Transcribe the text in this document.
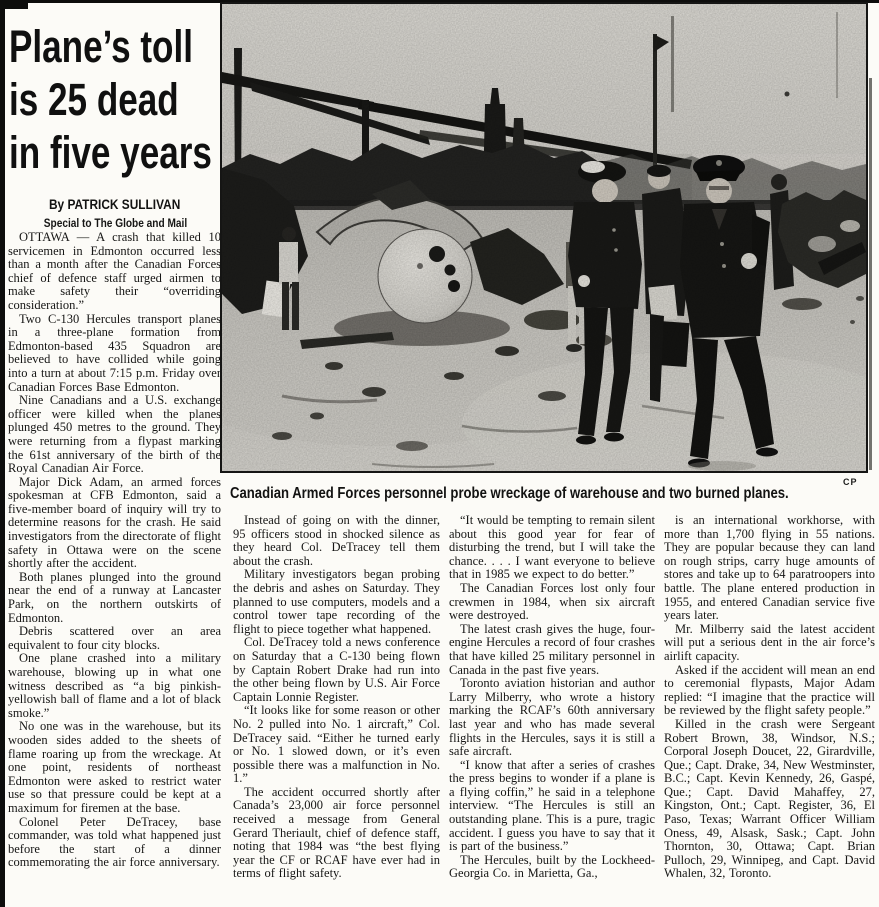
Plane’s toll
is 25 dead
in five years
By PATRICK SULLIVAN
Special to The Globe and Mail
CP
Canadian Armed Forces personnel probe wreckage of warehouse and two burned planes.

OTTAWA — A crash that killed 10 servicemen in Edmonton occurred less than a month after the Canadian Forces chief of defence staff urged airmen to make safety their “overriding consideration.”

Two C-130 Hercules transport planes in a three-plane formation from Edmonton-based 435 Squadron are believed to have collided while going into a turn at about 7:15 p.m. Friday over Canadian Forces Base Edmonton.

Nine Canadians and a U.S. exchange officer were killed when the planes plunged 450 metres to the ground. They were returning from a flypast marking the 61st anniversary of the birth of the Royal Canadian Air Force.

Major Dick Adam, an armed forces spokesman at CFB Edmonton, said a five-member board of inquiry will try to determine reasons for the crash. He said investigators from the directorate of flight safety in Ottawa were on the scene shortly after the accident.

Both planes plunged into the ground near the end of a runway at Lancaster Park, on the northern outskirts of Edmonton.

Debris scattered over an area equivalent to four city blocks.

One plane crashed into a military warehouse, blowing up in what one witness described as “a big pinkish-yellowish ball of flame and a lot of black smoke.”

No one was in the warehouse, but its wooden sides added to the sheets of flame roaring up from the wreckage. At one point, residents of northeast Edmonton were asked to restrict water use so that pressure could be kept at a maximum for firemen at the base.

Colonel Peter DeTracey, base commander, was told what happened just before the start of a dinner commemorating the air force anniversary.

Instead of going on with the dinner, 95 officers stood in shocked silence as they heard Col. DeTracey tell them about the crash.

Military investigators began probing the debris and ashes on Saturday. They planned to use computers, models and a control tower tape recording of the flight to piece together what happened.

Col. DeTracey told a news conference on Saturday that a C-130 being flown by Captain Robert Drake had run into the other being flown by U.S. Air Force Captain Lonnie Register.

“It looks like for some reason or other No. 2 pulled into No. 1 aircraft,” Col. DeTracey said. “Either he turned early or No. 1 slowed down, or it’s even possible there was a malfunction in No. 1.”

The accident occurred shortly after Canada’s 23,000 air force personnel received a message from General Gerard Theriault, chief of defence staff, noting that 1984 was “the best flying year the CF or RCAF have ever had in terms of flight safety.

“It would be tempting to remain silent about this good year for fear of disturbing the trend, but I will take the chance. . . . I want everyone to believe that in 1985 we expect to do better.”

The Canadian Forces lost only four crewmen in 1984, when six aircraft were destroyed.

The latest crash gives the huge, four-engine Hercules a record of four crashes that have killed 25 military personnel in Canada in the past five years.

Toronto aviation historian and author Larry Milberry, who wrote a history marking the RCAF’s 60th anniversary last year and who has made several flights in the Hercules, says it is still a safe aircraft.

“I know that after a series of crashes the press begins to wonder if a plane is a flying coffin,” he said in a telephone interview. “The Hercules is still an outstanding plane. This is a pure, tragic accident. I guess you have to say that it is part of the business.”

The Hercules, built by the Lockheed-Georgia Co. in Marietta, Ga.,

is an international workhorse, with more than 1,700 flying in 55 nations. They are popular because they can land on rough strips, carry huge amounts of stores and take up to 64 paratroopers into battle. The plane entered production in 1955, and entered Canadian service five years later.

Mr. Milberry said the latest accident will put a serious dent in the air force’s airlift capacity.

Asked if the accident will mean an end to ceremonial flypasts, Major Adam replied: “I imagine that the practice will be reviewed by the flight safety people.”

Killed in the crash were Sergeant Robert Brown, 38, Windsor, N.S.; Corporal Joseph Doucet, 22, Girardville, Que.; Capt. Drake, 34, New Westminster, B.C.; Capt. Kevin Kennedy, 26, Gaspé, Que.; Capt. David Mahaffey, 27, Kingston, Ont.; Capt. Register, 36, El Paso, Texas; Warrant Officer William Oness, 49, Alsask, Sask.; Capt. John Thornton, 30, Ottawa; Capt. Brian Pulloch, 29, Winnipeg, and Capt. David Whalen, 32, Toronto.
